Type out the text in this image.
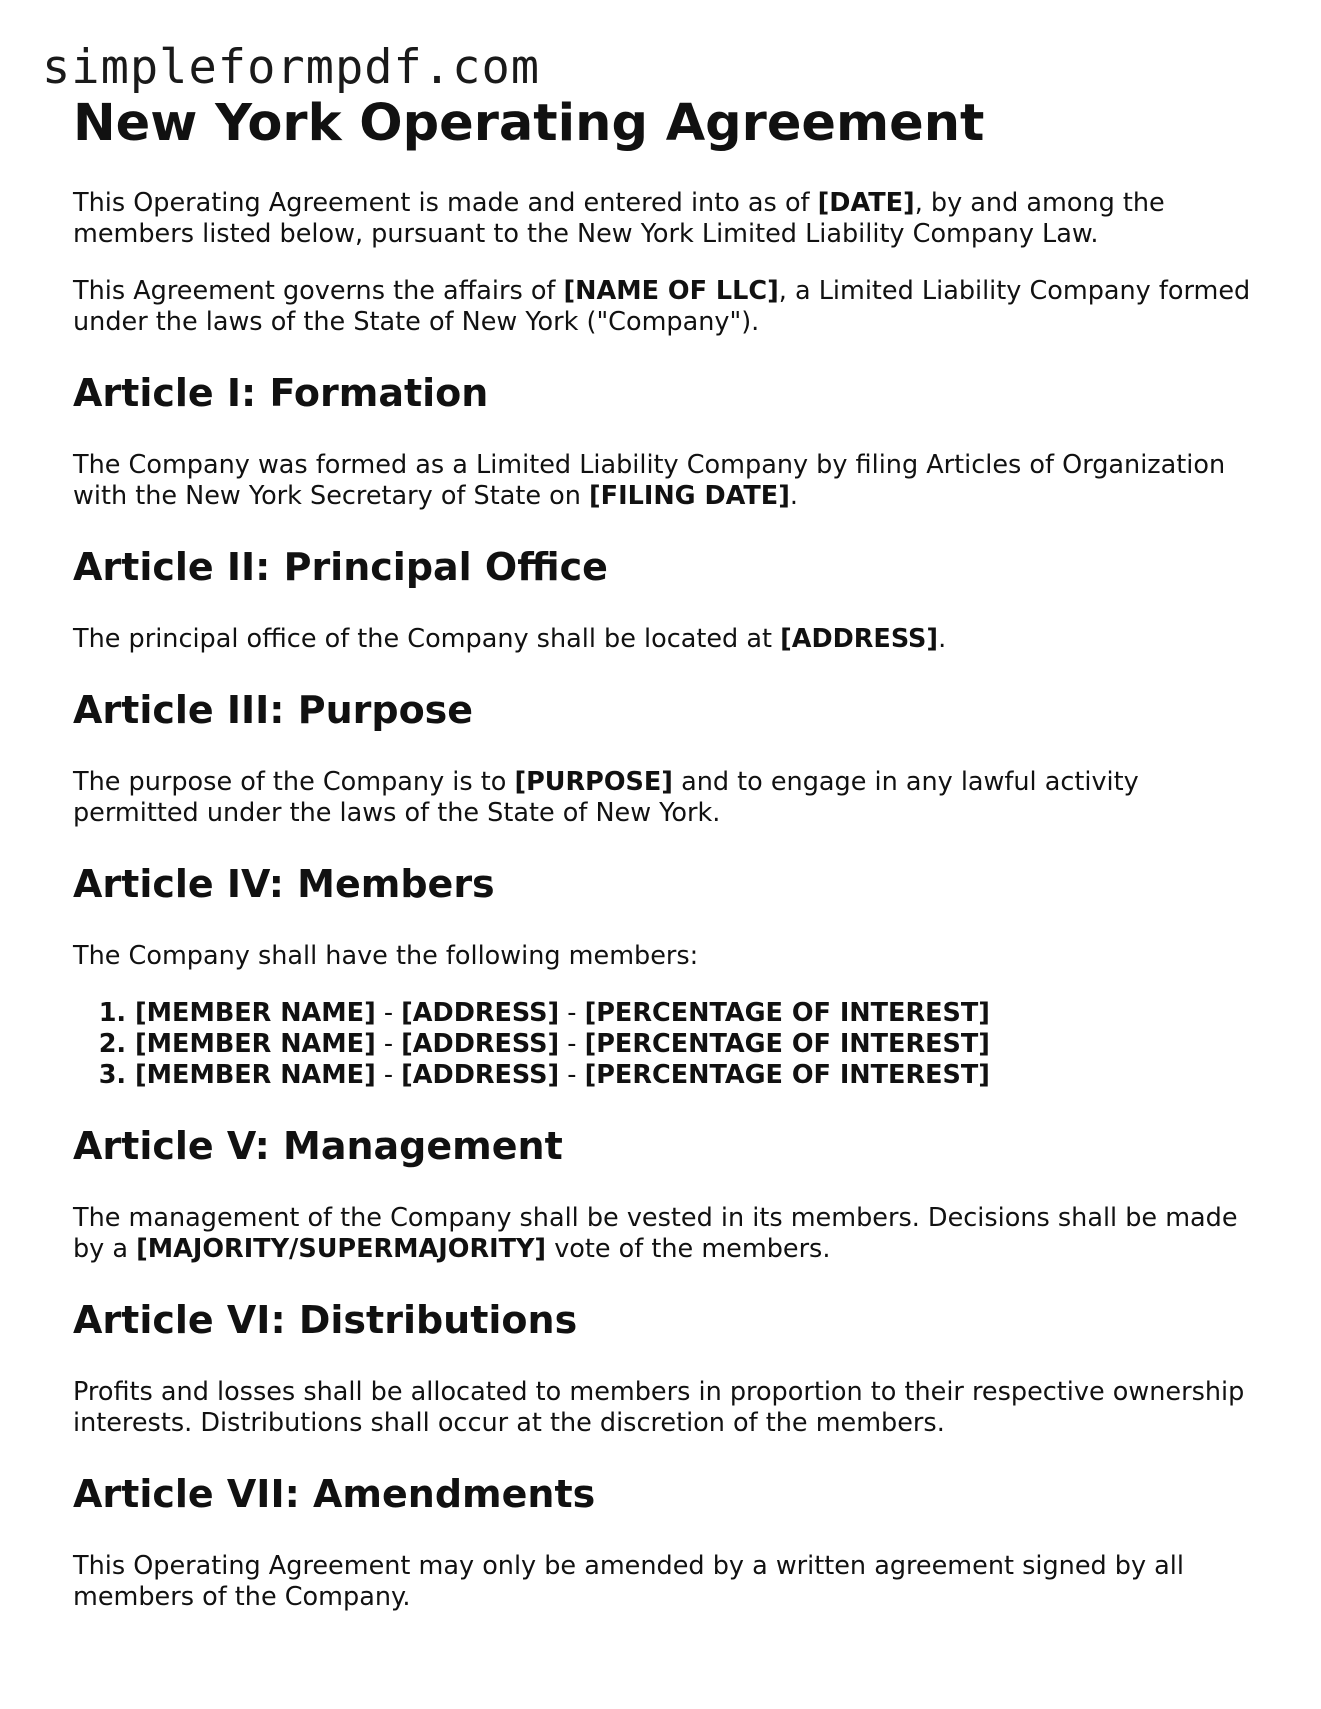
simpleformpdf.com
New York Operating Agreement

This Operating Agreement is made and entered into as of [DATE], by and among the members listed below, pursuant to the New York Limited Liability Company Law.

This Agreement governs the affairs of [NAME OF LLC], a Limited Liability Company formed under the laws of the State of New York ("Company").

Article I: Formation

The Company was formed as a Limited Liability Company by filing Articles of Organization with the New York Secretary of State on [FILING DATE].

Article II: Principal Office

The principal office of the Company shall be located at [ADDRESS].

Article III: Purpose

The purpose of the Company is to [PURPOSE] and to engage in any lawful activity permitted under the laws of the State of New York.

Article IV: Members

The Company shall have the following members:

1. [MEMBER NAME] - [ADDRESS] - [PERCENTAGE OF INTEREST]
2. [MEMBER NAME] - [ADDRESS] - [PERCENTAGE OF INTEREST]
3. [MEMBER NAME] - [ADDRESS] - [PERCENTAGE OF INTEREST]
Article V: Management

The management of the Company shall be vested in its members. Decisions shall be made by a [MAJORITY/SUPERMAJORITY] vote of the members.

Article VI: Distributions

Profits and losses shall be allocated to members in proportion to their respective ownership interests. Distributions shall occur at the discretion of the members.

Article VII: Amendments

This Operating Agreement may only be amended by a written agreement signed by all members of the Company.
